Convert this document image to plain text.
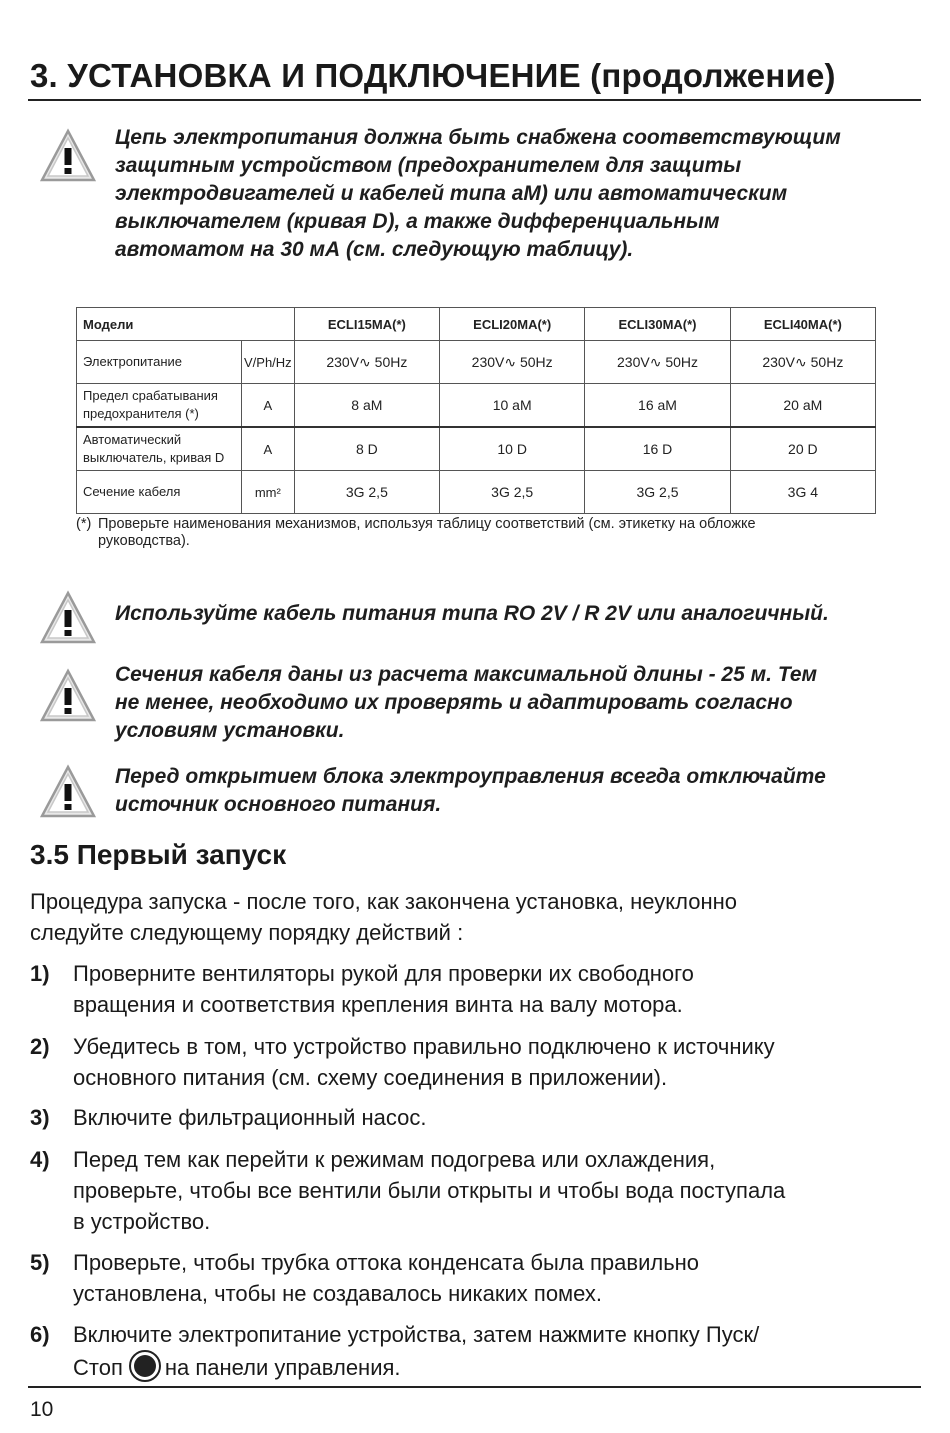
3. УСТАНОВКА И ПОДКЛЮЧЕНИЕ (продолжение)
Цепь электропитания должна быть снабжена соответствующим
защитным устройством (предохранителем для защиты
электродвигателей и кабелей типа аМ) или автоматическим
выключателем (кривая D), а также дифференциальным
автоматом на 30 мА (см. следующую таблицу).
Модели		ECLI15MA(*)	ECLI20MA(*)	ECLI30MA(*)	ECLI40MA(*)
Электропитание	V/Ph/Hz	230V∿ 50Hz	230V∿ 50Hz	230V∿ 50Hz	230V∿ 50Hz

Предел срабатывания
предохранителя (*)	A	8 aM	10 aM	16 aM	20 aM

Автоматический
выключатель, кривая D	A	8 D	10 D	16 D	20 D
Сечение кабеля	mm²	3G 2,5	3G 2,5	3G 2,5	3G 4
(*) Проверьте наименования механизмов, используя таблицу соответствий (см. этикетку на обложке
руководства).
Используйте кабель питания типа RO 2V / R 2V или аналогичный.
Сечения кабеля даны из расчета максимальной длины - 25 м. Тем
не менее, необходимо их проверять и адаптировать согласно
условиям установки.
Перед открытием блока электроуправления всегда отключайте
источник основного питания.
3.5 Первый запуск
Процедура запуска - после того, как закончена установка, неуклонно
следуйте следующему порядку действий :
1) Проверните вентиляторы рукой для проверки их свободного
вращения и соответствия крепления винта на валу мотора.
2) Убедитесь в том, что устройство правильно подключено к источнику
основного питания (см. схему соединения в приложении).
3) Включите фильтрационный насос.
4) Перед тем как перейти к режимам подогрева или охлаждения,
проверьте, чтобы все вентили были открыты и чтобы вода поступала
в устройство.
5) Проверьте, чтобы трубка оттока конденсата была правильно
установлена, чтобы не создавалось никаких помех.
6) Включите электропитание устройства, затем нажмите кнопку Пуск/
Стоп на панели управления.
10
